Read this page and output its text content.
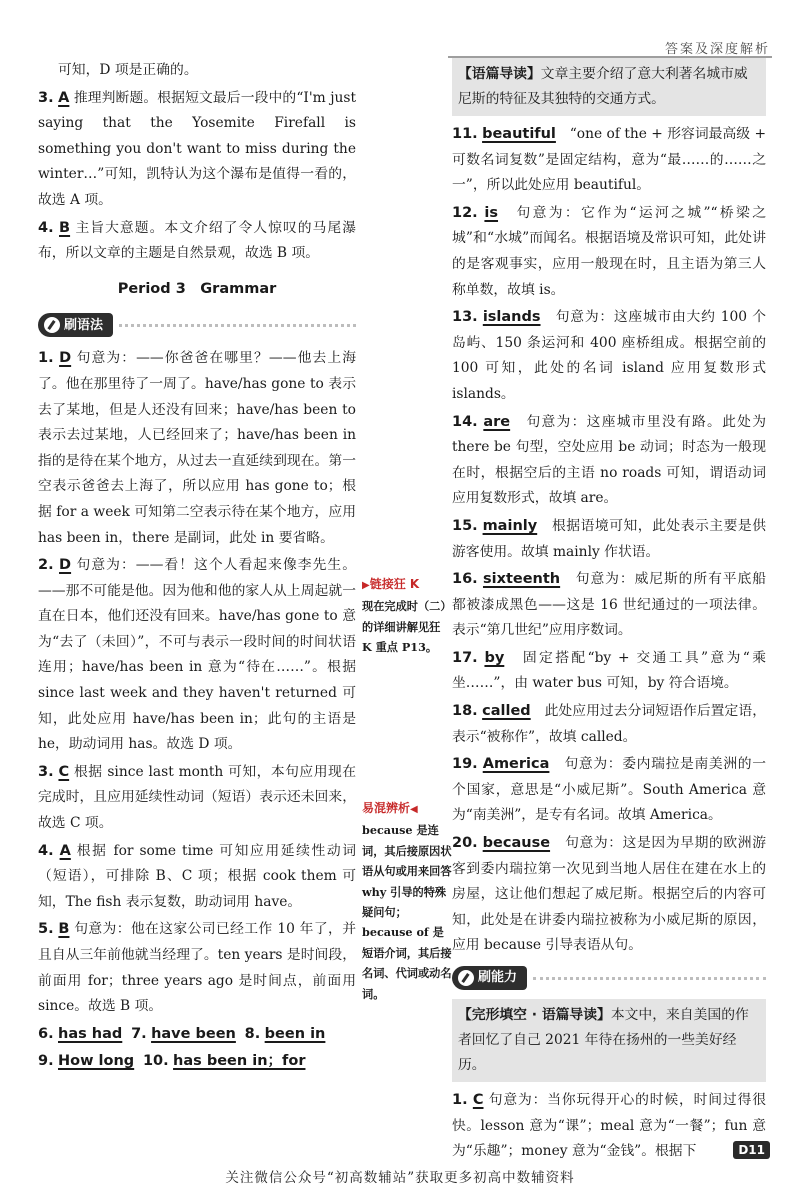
答案及深度解析

可知，D 项是正确的。

3. A 推理判断题。根据短文最后一段中的“I'm just saying that the Yosemite Firefall is something you don't want to miss during the winter…”可知，凯特认为这个瀑布是值得一看的，故选 A 项。

4. B 主旨大意题。本文介绍了令人惊叹的马尾瀑布，所以文章的主题是自然景观，故选 B 项。

Period 3　Grammar
刷语法

1. D 句意为：——你爸爸在哪里？——他去上海了。他在那里待了一周了。have/has gone to 表示去了某地，但是人还没有回来；have/has been to 表示去过某地，人已经回来了；have/has been in 指的是待在某个地方，从过去一直延续到现在。第一空表示爸爸去上海了，所以应用 has gone to；根据 for a week 可知第二空表示待在某个地方，应用 has been in，there 是副词，此处 in 要省略。

2. D 句意为：——看！这个人看起来像李先生。——那不可能是他。因为他和他的家人从上周起就一直在日本，他们还没有回来。have/has gone to 意为“去了（未回）”，不可与表示一段时间的时间状语连用；have/has been in 意为“待在……”。根据 since last week and they haven't returned 可知，此处应用 have/has been in；此句的主语是 he，助动词用 has。故选 D 项。

3. C 根据 since last month 可知，本句应用现在完成时，且应用延续性动词（短语）表示还未回来，故选 C 项。

4. A 根据 for some time 可知应用延续性动词（短语），可排除 B、C 项；根据 cook them 可知，The fish 表示复数，助动词用 have。

5. B 句意为：他在这家公司已经工作 10 年了，并且自从三年前他就当经理了。ten years 是时间段，前面用 for；three years ago 是时间点，前面用 since。故选 B 项。

6. has had 7. have been 8. been in

9. How long 10. has been in；for

▶链接狂 K
现在完成时（二）的详细讲解见狂 K 重点 P13。
易混辨析◀
because 是连词，其后接原因状语从句或用来回答 why 引导的特殊疑问句；because of 是短语介词，其后接名词、代词或动名词。
【语篇导读】文章主要介绍了意大利著名城市威尼斯的特征及其独特的交通方式。

11. beautiful　 “one of the + 形容词最高级 + 可数名词复数”是固定结构，意为“最……的……之一”，所以此处应用 beautiful。

12. is　 句意为：它作为“运河之城”“桥梁之城”和“水城”而闻名。根据语境及常识可知，此处讲的是客观事实，应用一般现在时，且主语为第三人称单数，故填 is。

13. islands　 句意为：这座城市由大约 100 个岛屿、150 条运河和 400 座桥组成。根据空前的 100 可知，此处的名词 island 应用复数形式 islands。

14. are　 句意为：这座城市里没有路。此处为 there be 句型，空处应用 be 动词；时态为一般现在时，根据空后的主语 no roads 可知，谓语动词应用复数形式，故填 are。

15. mainly　 根据语境可知，此处表示主要是供游客使用。故填 mainly 作状语。

16. sixteenth　 句意为：威尼斯的所有平底船都被漆成黑色——这是 16 世纪通过的一项法律。表示“第几世纪”应用序数词。

17. by　 固定搭配“by + 交通工具”意为“乘坐……”，由 water bus 可知，by 符合语境。

18. called　 此处应用过去分词短语作后置定语，表示“被称作”，故填 called。

19. America　 句意为：委内瑞拉是南美洲的一个国家，意思是“小威尼斯”。South America 意为“南美洲”，是专有名词。故填 America。

20. because　 句意为：这是因为早期的欧洲游客到委内瑞拉第一次见到当地人居住在建在水上的房屋，这让他们想起了威尼斯。根据空后的内容可知，此处是在讲委内瑞拉被称为小威尼斯的原因，应用 because 引导表语从句。

刷能力
【完形填空 · 语篇导读】本文中，来自美国的作者回忆了自己 2021 年待在扬州的一些美好经历。

1. C 句意为：当你玩得开心的时候，时间过得很快。lesson 意为“课”；meal 意为“一餐”；fun 意为“乐趣”；money 意为“金钱”。根据下	D11
关注微信公众号“初高数辅站”获取更多初高中数辅资料
